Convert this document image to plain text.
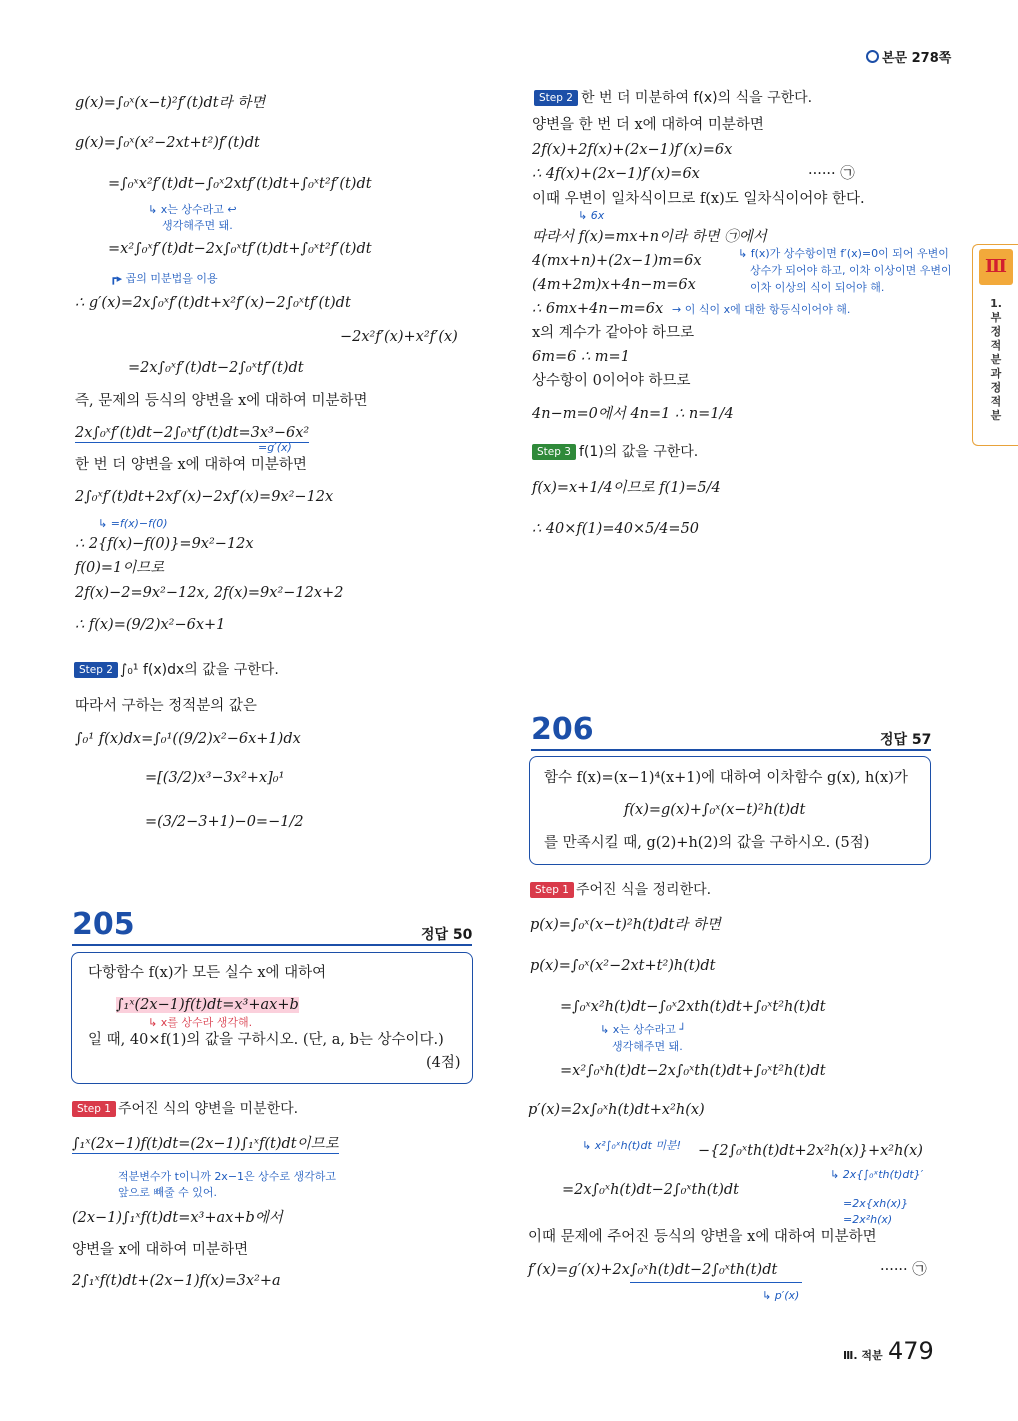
본문 278쪽
Ⅲ
1. 부정적분과 정적분
g(x)=∫₀ˣ(x−t)²f′(t)dt라 하면
g(x)=∫₀ˣ(x²−2xt+t²)f′(t)dt
=∫₀ˣx²f′(t)dt−∫₀ˣ2xtf′(t)dt+∫₀ˣt²f′(t)dt
↳ x는 상수라고 ↩
생각해주면 돼.
=x²∫₀ˣf′(t)dt−2x∫₀ˣtf′(t)dt+∫₀ˣt²f′(t)dt
┏▸ 곱의 미분법을 이용
∴ g′(x)=2x∫₀ˣf′(t)dt+x²f′(x)−2∫₀ˣtf′(t)dt
−2x²f′(x)+x²f′(x)
=2x∫₀ˣf′(t)dt−2∫₀ˣtf′(t)dt
즉, 문제의 등식의 양변을 x에 대하여 미분하면
2x∫₀ˣf′(t)dt−2∫₀ˣtf′(t)dt=3x³−6x²
=g′(x)
한 번 더 양변을 x에 대하여 미분하면
2∫₀ˣf′(t)dt+2xf′(x)−2xf′(x)=9x²−12x
↳ =f(x)−f(0)
∴ 2{f(x)−f(0)}=9x²−12x
f(0)=1이므로
2f(x)−2=9x²−12x, 2f(x)=9x²−12x+2
∴ f(x)=(9/2)x²−6x+1
Step 2 ∫₀¹ f(x)dx의 값을 구한다.
따라서 구하는 정적분의 값은
∫₀¹ f(x)dx=∫₀¹((9/2)x²−6x+1)dx
=[(3/2)x³−3x²+x]₀¹
=(3/2−3+1)−0=−1/2
205	정답 50
다항함수 f(x)가 모든 실수 x에 대하여
∫₁ˣ(2x−1)f(t)dt=x³+ax+b
↳ x를 상수라 생각해.
일 때, 40×f(1)의 값을 구하시오. (단, a, b는 상수이다.)
(4점)
Step 1 주어진 식의 양변을 미분한다.
∫₁ˣ(2x−1)f(t)dt=(2x−1)∫₁ˣf(t)dt이므로
적분변수가 t이니까 2x−1은 상수로 생각하고
앞으로 빼줄 수 있어.
(2x−1)∫₁ˣf(t)dt=x³+ax+b에서
양변을 x에 대하여 미분하면
2∫₁ˣf(t)dt+(2x−1)f(x)=3x²+a
Step 2 한 번 더 미분하여 f(x)의 식을 구한다.
양변을 한 번 더 x에 대하여 미분하면
2f(x)+2f(x)+(2x−1)f′(x)=6x
∴ 4f(x)+(2x−1)f′(x)=6x	······ ㉠
이때 우변이 일차식이므로 f(x)도 일차식이어야 한다.
↳ 6x
따라서 f(x)=mx+n이라 하면 ㉠에서
↳ f(x)가 상수항이면 f′(x)=0이 되어 우변이
상수가 되어야 하고, 이차 이상이면 우변이
이차 이상의 식이 되어야 해.
4(mx+n)+(2x−1)m=6x
(4m+2m)x+4n−m=6x
∴ 6mx+4n−m=6x → 이 식이 x에 대한 항등식이어야 해.
x의 계수가 같아야 하므로
6m=6 ∴ m=1
상수항이 0이어야 하므로
4n−m=0에서 4n=1 ∴ n=1/4
Step 3 f(1)의 값을 구한다.
f(x)=x+1/4이므로 f(1)=5/4
∴ 40×f(1)=40×5/4=50
206	정답 57
함수 f(x)=(x−1)⁴(x+1)에 대하여 이차함수 g(x), h(x)가
f(x)=g(x)+∫₀ˣ(x−t)²h(t)dt
를 만족시킬 때, g(2)+h(2)의 값을 구하시오. (5점)
Step 1 주어진 식을 정리한다.
p(x)=∫₀ˣ(x−t)²h(t)dt라 하면
p(x)=∫₀ˣ(x²−2xt+t²)h(t)dt
=∫₀ˣx²h(t)dt−∫₀ˣ2xth(t)dt+∫₀ˣt²h(t)dt
↳ x는 상수라고 ┘
생각해주면 돼.
=x²∫₀ˣh(t)dt−2x∫₀ˣth(t)dt+∫₀ˣt²h(t)dt
p′(x)=2x∫₀ˣh(t)dt+x²h(x)
↳ x²∫₀ˣh(t)dt 미분! −{2∫₀ˣth(t)dt+2x²h(x)}+x²h(x)
↳ 2x{∫₀ˣth(t)dt}′
=2x{xh(x)}
=2x²h(x)
=2x∫₀ˣh(t)dt−2∫₀ˣth(t)dt
이때 문제에 주어진 등식의 양변을 x에 대하여 미분하면
f′(x)=g′(x)+2x∫₀ˣh(t)dt−2∫₀ˣth(t)dt	······ ㉠
↳ p′(x)
Ⅲ. 적분 479
